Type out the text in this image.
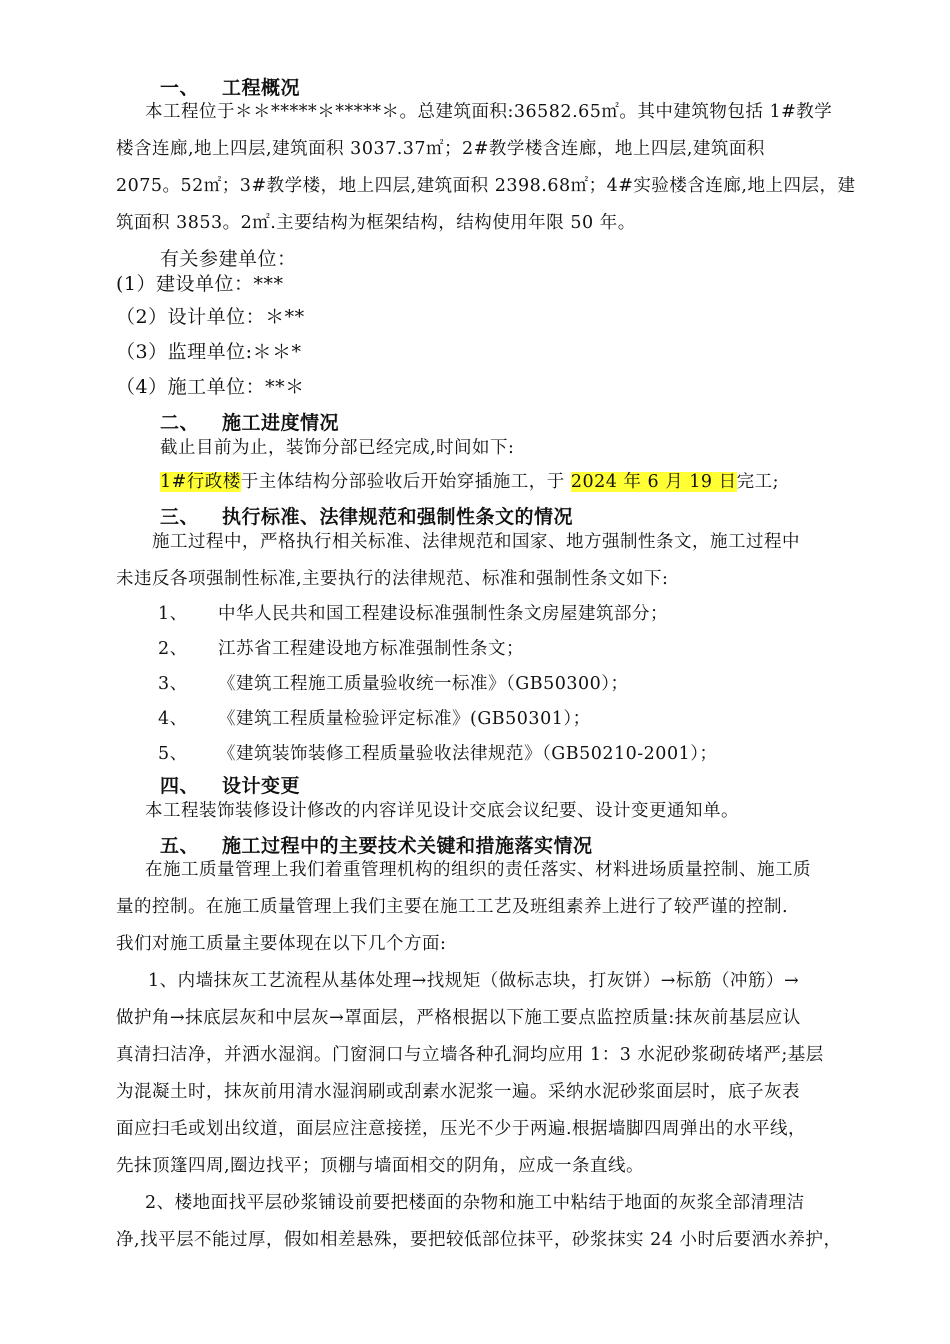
一、 工程概况
本工程位于＊＊*****＊*****＊。总建筑面积:36582.65㎡。其中建筑物包括 1#教学
楼含连廊,地上四层,建筑面积 3037.37㎡；2#教学楼含连廊，地上四层,建筑面积
2075。52㎡；3#教学楼，地上四层,建筑面积 2398.68㎡；4#实验楼含连廊,地上四层，建
筑面积 3853。2㎡.主要结构为框架结构，结构使用年限 50 年。
有关参建单位：
(1）建设单位：***
（2）设计单位：＊**
（3）监理单位:＊＊*
（4）施工单位：**＊
二、 施工进度情况
截止目前为止，装饰分部已经完成,时间如下:
1#行政楼于主体结构分部验收后开始穿插施工，于 2024 年 6 月 19 日完工;
三、 执行标准、法律规范和强制性条文的情况
施工过程中，严格执行相关标准、法律规范和国家、地方强制性条文，施工过程中
未违反各项强制性标准,主要执行的法律规范、标准和强制性条文如下:
1、 中华人民共和国工程建设标准强制性条文房屋建筑部分；
2、 江苏省工程建设地方标准强制性条文；
3、 《建筑工程施工质量验收统一标准》（GB50300）；
4、 《建筑工程质量检验评定标准》(GB50301）；
5、 《建筑装饰装修工程质量验收法律规范》（GB50210-2001）；
四、 设计变更
本工程装饰装修设计修改的内容详见设计交底会议纪要、设计变更通知单。
五、 施工过程中的主要技术关键和措施落实情况
在施工质量管理上我们着重管理机构的组织的责任落实、材料进场质量控制、施工质
量的控制。在施工质量管理上我们主要在施工工艺及班组素养上进行了较严谨的控制.
我们对施工质量主要体现在以下几个方面:
1、内墙抹灰工艺流程从基体处理→找规矩（做标志块，打灰饼）→标筋（冲筋）→
做护角→抹底层灰和中层灰→罩面层，严格根据以下施工要点监控质量:抹灰前基层应认
真清扫洁净，并洒水湿润。门窗洞口与立墙各种孔洞均应用 1：3 水泥砂浆砌砖堵严;基层
为混凝土时，抹灰前用清水湿润刷或刮素水泥浆一遍。采纳水泥砂浆面层时，底子灰表
面应扫毛或划出纹道，面层应注意接搓，压光不少于两遍.根据墙脚四周弹出的水平线，
先抹顶篷四周,圈边找平；顶棚与墙面相交的阴角，应成一条直线。
2、楼地面找平层砂浆铺设前要把楼面的杂物和施工中粘结于地面的灰浆全部清理洁
净,找平层不能过厚，假如相差悬殊，要把较低部位抹平，砂浆抹实 24 小时后要洒水养护，
